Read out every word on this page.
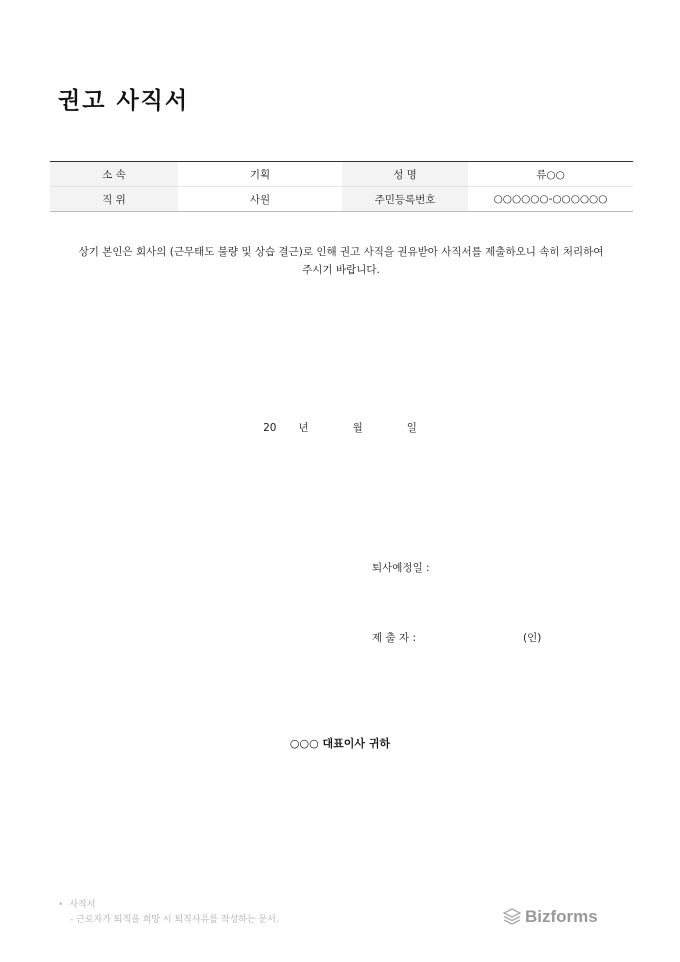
권고 사직서
소 속	기획	성 명	류○○
직 위	사원	주민등록번호	○○○○○○-○○○○○○
상기 본인은 회사의 (근무태도 불량 및 상습 결근)로 인해 권고 사직을 권유받아 사직서를 제출하오니 속히 처리하여
주시기 바랍니다.
20 년	월	일
퇴사예정일 :
제 출 자 :	(인)
○○○ 대표이사 귀하
• 사직서
- 근로자가 퇴직을 희망 시 퇴직사유를 작성하는 문서.	Bizforms
